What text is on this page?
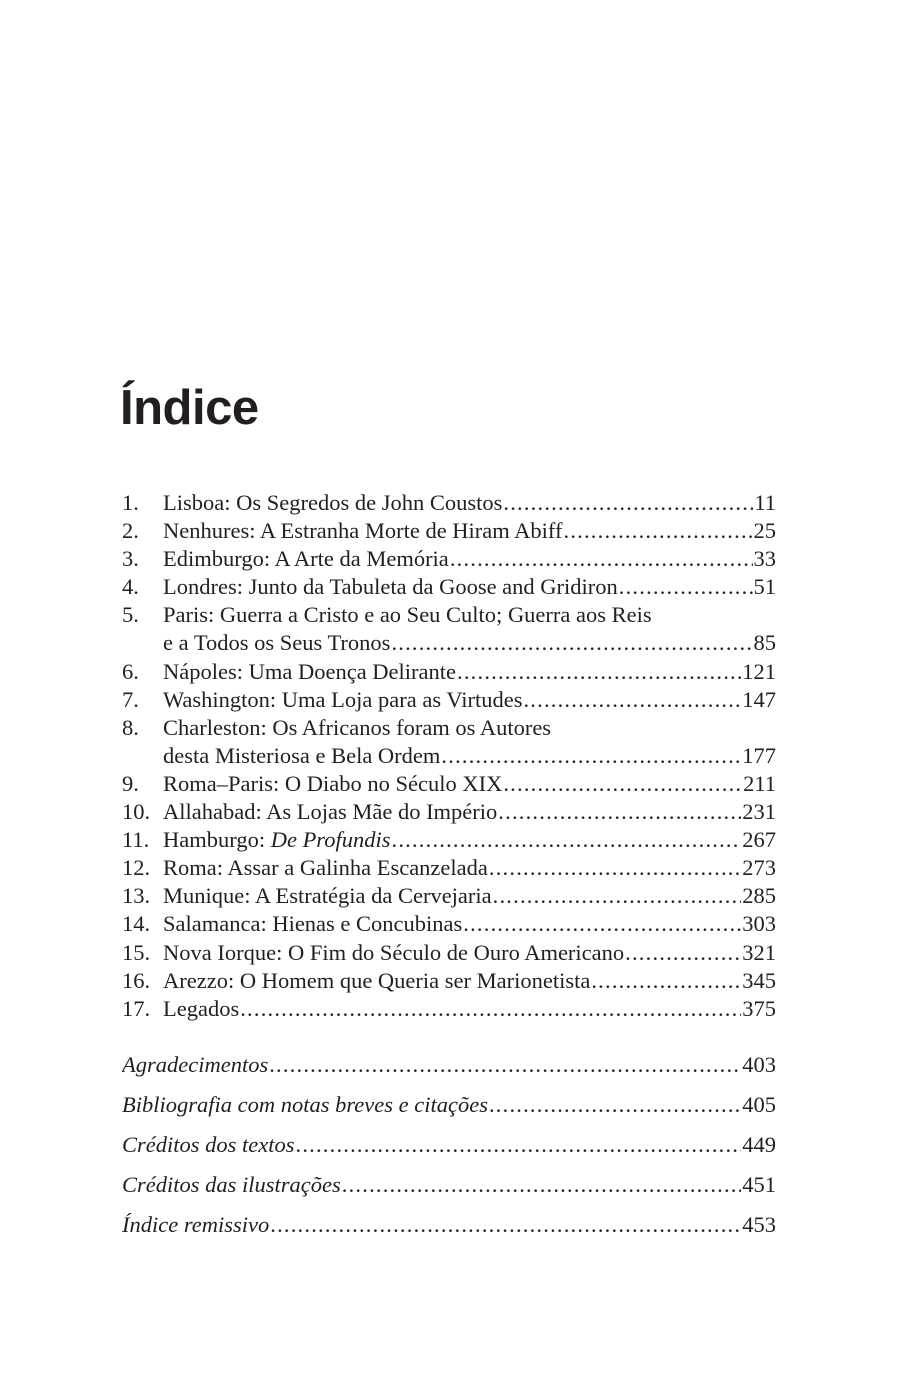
Índice
1.	Lisboa: Os Segredos de John Coustos .....	11
2.	Nenhures: A Estranha Morte de Hiram Abiff .....	25
3.	Edimburgo: A Arte da Memória .....	33
4.	Londres: Junto da Tabuleta da Goose and Gridiron .....	51
5.	Paris: Guerra a Cristo e ao Seu Culto; Guerra aos Reis
e a Todos os Seus Tronos .....	85
6.	Nápoles: Uma Doença Delirante .....	121
7.	Washington: Uma Loja para as Virtudes .....	147
8.	Charleston: Os Africanos foram os Autores
desta Misteriosa e Bela Ordem .....	177
9.	Roma–Paris: O Diabo no Século XIX .....	211
10. Allahabad: As Lojas Mãe do Império .....	231
11. Hamburgo: De Profundis .....	267
12. Roma: Assar a Galinha Escanzelada .....	273
13. Munique: A Estratégia da Cervejaria .....	285
14. Salamanca: Hienas e Concubinas .....	303
15. Nova Iorque: O Fim do Século de Ouro Americano .....	321
16. Arezzo: O Homem que Queria ser Marionetista .....	345
17. Legados .....	375
Agradecimentos .....	403
Bibliografia com notas breves e citações .....	405
Créditos dos textos .....	449
Créditos das ilustrações .....	451
Índice remissivo .....	453
